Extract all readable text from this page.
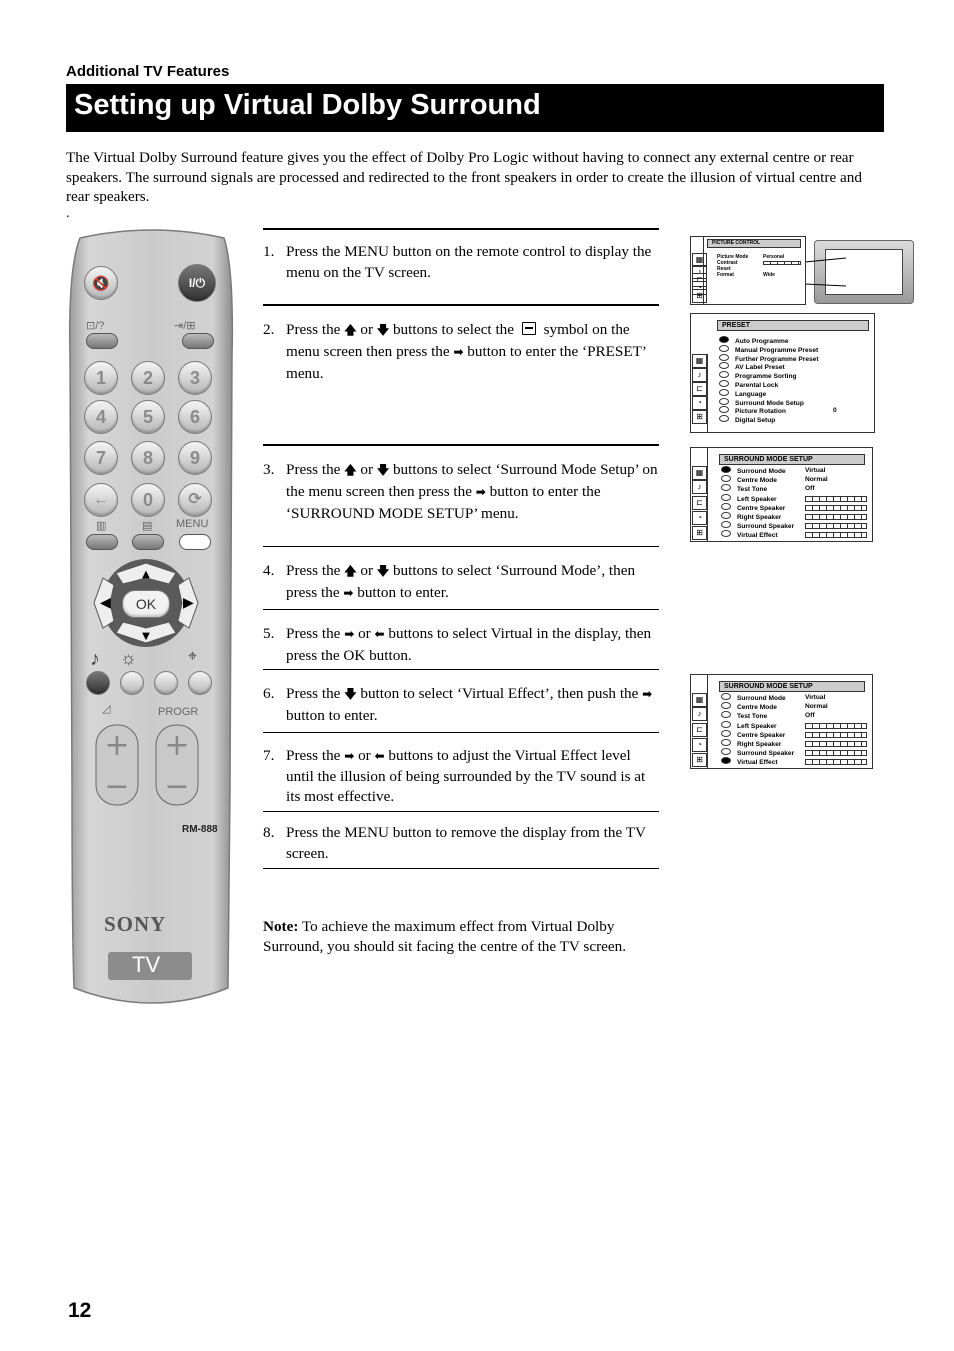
Additional TV Features
Setting up Virtual Dolby Surround
The Virtual Dolby Surround feature gives you the effect of Dolby Pro Logic without having to connect any external centre or rear speakers. The surround signals are processed and redirected to the front speakers in order to create the illusion of virtual centre and rear speakers.
.
▲
▼
+ +
− −
🔇	I/⏻
⊡/?	⇥/⊞
1	2	3
4	5	6
7	8	9
←	0	⟳
▥	▤ MENU
OK
◀	▶
♪ ☼	⌖
◿	PROGR
RM-888
SONY
TV
1. Press the MENU button on the remote control to display the menu on the TV screen.
2. Press the 🡅 or 🡇 buttons to select the  symbol on the menu screen then press the ➡ button to enter the ‘PRESET’ menu.
3. Press the 🡅 or 🡇 buttons to select ‘Surround Mode Setup’ on the menu screen then press the ➡ button to enter the ‘SURROUND MODE SETUP’ menu.
4. Press the 🡅 or 🡇 buttons to select ‘Surround Mode’, then press the ➡ button to enter.
5. Press the ➡ or ⬅ buttons to select Virtual in the display, then press the OK button.
6. Press the 🡇 button to select ‘Virtual Effect’, then push the ➡ button to enter.
7. Press the ➡ or ⬅ buttons to adjust the Virtual Effect level until the illusion of being surrounded by the TV sound is at its most effective.
8. Press the MENU button to remove the display from the TV screen.
Note: To achieve the maximum effect from Virtual Dolby Surround, you should sit facing the centre of the TV screen.
12
▦
♪
⊏
◔
⊞
PICTURE CONTROL
Picture Mode
Contrast
Reset
Format
Personal
Wide
▦
♪
⊏
◔
⊞
PRESET
0
Auto Programme
Manual Programme Preset
Further Programme Preset
AV Label Preset
Programme Sorting
Parental Lock
Language
Surround Mode Setup
Picture Rotation
Digital Setup
▦
♪
⊏
◔
⊞
SURROUND MODE SETUP
Surround Mode	Virtual
Centre Mode	Normal
Test Tone	Off
Left Speaker
Centre Speaker
Right Speaker
Surround Speaker
Virtual Effect
▦
♪
⊏
◔
⊞
SURROUND MODE SETUP
Surround Mode	Virtual
Centre Mode	Normal
Test Tone	Off
Left Speaker
Centre Speaker
Right Speaker
Surround Speaker
Virtual Effect
